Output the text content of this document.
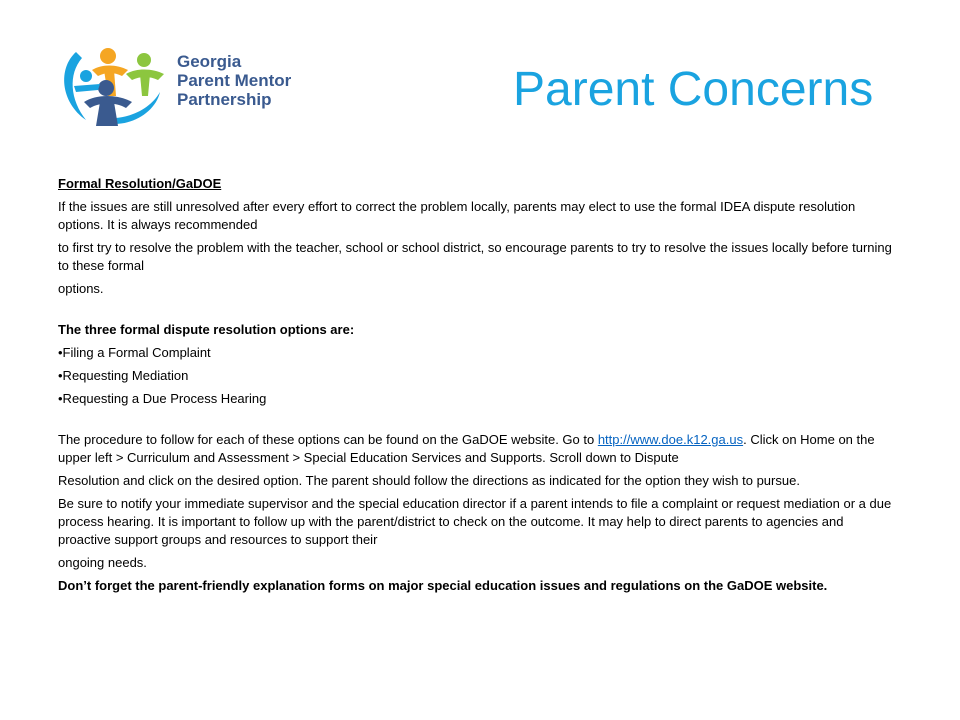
Georgia
Parent Mentor
Partnership	Parent Concerns

Formal Resolution/GaDOE

If the issues are still unresolved after every effort to correct the problem locally, parents may elect to use the formal IDEA dispute resolution options. It is always recommended

to first try to resolve the problem with the teacher, school or school district, so encourage parents to try to resolve the issues locally before turning to these formal

options.

The three formal dispute resolution options are:

•Filing a Formal Complaint

•Requesting Mediation

•Requesting a Due Process Hearing

The procedure to follow for each of these options can be found on the GaDOE website. Go to http://www.doe.k12.ga.us. Click on Home on the upper left > Curriculum and Assessment > Special Education Services and Supports. Scroll down to Dispute

Resolution and click on the desired option. The parent should follow the directions as indicated for the option they wish to pursue.

Be sure to notify your immediate supervisor and the special education director if a parent intends to file a complaint or request mediation or a due process hearing. It is important to follow up with the parent/district to check on the outcome. It may help to direct parents to agencies and proactive support groups and resources to support their

ongoing needs.

Don’t forget the parent-friendly explanation forms on major special education issues and regulations on the GaDOE website.
